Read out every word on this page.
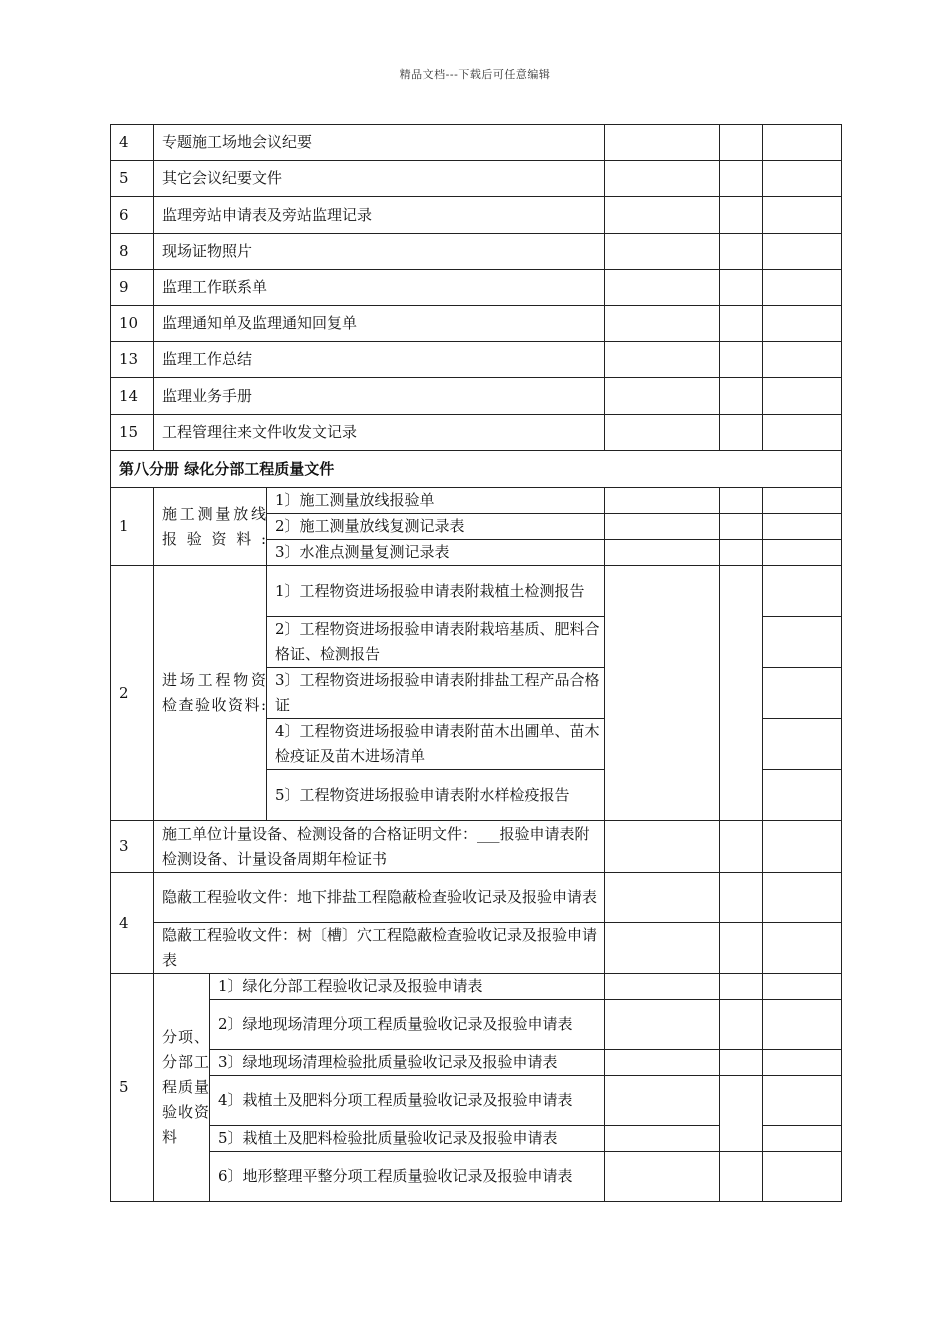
精品文档---下载后可任意编辑
4	专题施工场地会议纪要					
5	其它会议纪要文件					
6	监理旁站申请表及旁站监理记录					
8	现场证物照片					
9	监理工作联系单					
10	监理通知单及监理通知回复单					
13	监理工作总结					
14	监理业务手册					
15	工程管理往来文件收发文记录					
第八分册 绿化分部工程质量文件						
1	施工测量放线报验资料:		1〕施工测量放线报验单			
			2〕施工测量放线复测记录表			
			3〕水准点测量复测记录表			
2	进场工程物资检查验收资料:		1〕工程物资进场报验申请表附栽植土检测报告			
			2〕工程物资进场报验申请表附栽培基质、肥料合格证、检测报告			
			3〕工程物资进场报验申请表附排盐工程产品合格证			
			4〕工程物资进场报验申请表附苗木出圃单、苗木检疫证及苗木进场清单			
			5〕工程物资进场报验申请表附水样检疫报告			
3	施工单位计量设备、检测设备的合格证明文件：___报验申请表附检测设备、计量设备周期年检证书					
4	隐蔽工程验收文件：地下排盐工程隐蔽检查验收记录及报验申请表					
	隐蔽工程验收文件：树〔槽〕穴工程隐蔽检查验收记录及报验申请表					
5	分项、分部工程质量验收资料	1〕绿化分部工程验收记录及报验申请表				
		2〕绿地现场清理分项工程质量验收记录及报验申请表				
		3〕绿地现场清理检验批质量验收记录及报验申请表				
		4〕栽植土及肥料分项工程质量验收记录及报验申请表				
		5〕栽植土及肥料检验批质量验收记录及报验申请表				
		6〕地形整理平整分项工程质量验收记录及报验申请表				
